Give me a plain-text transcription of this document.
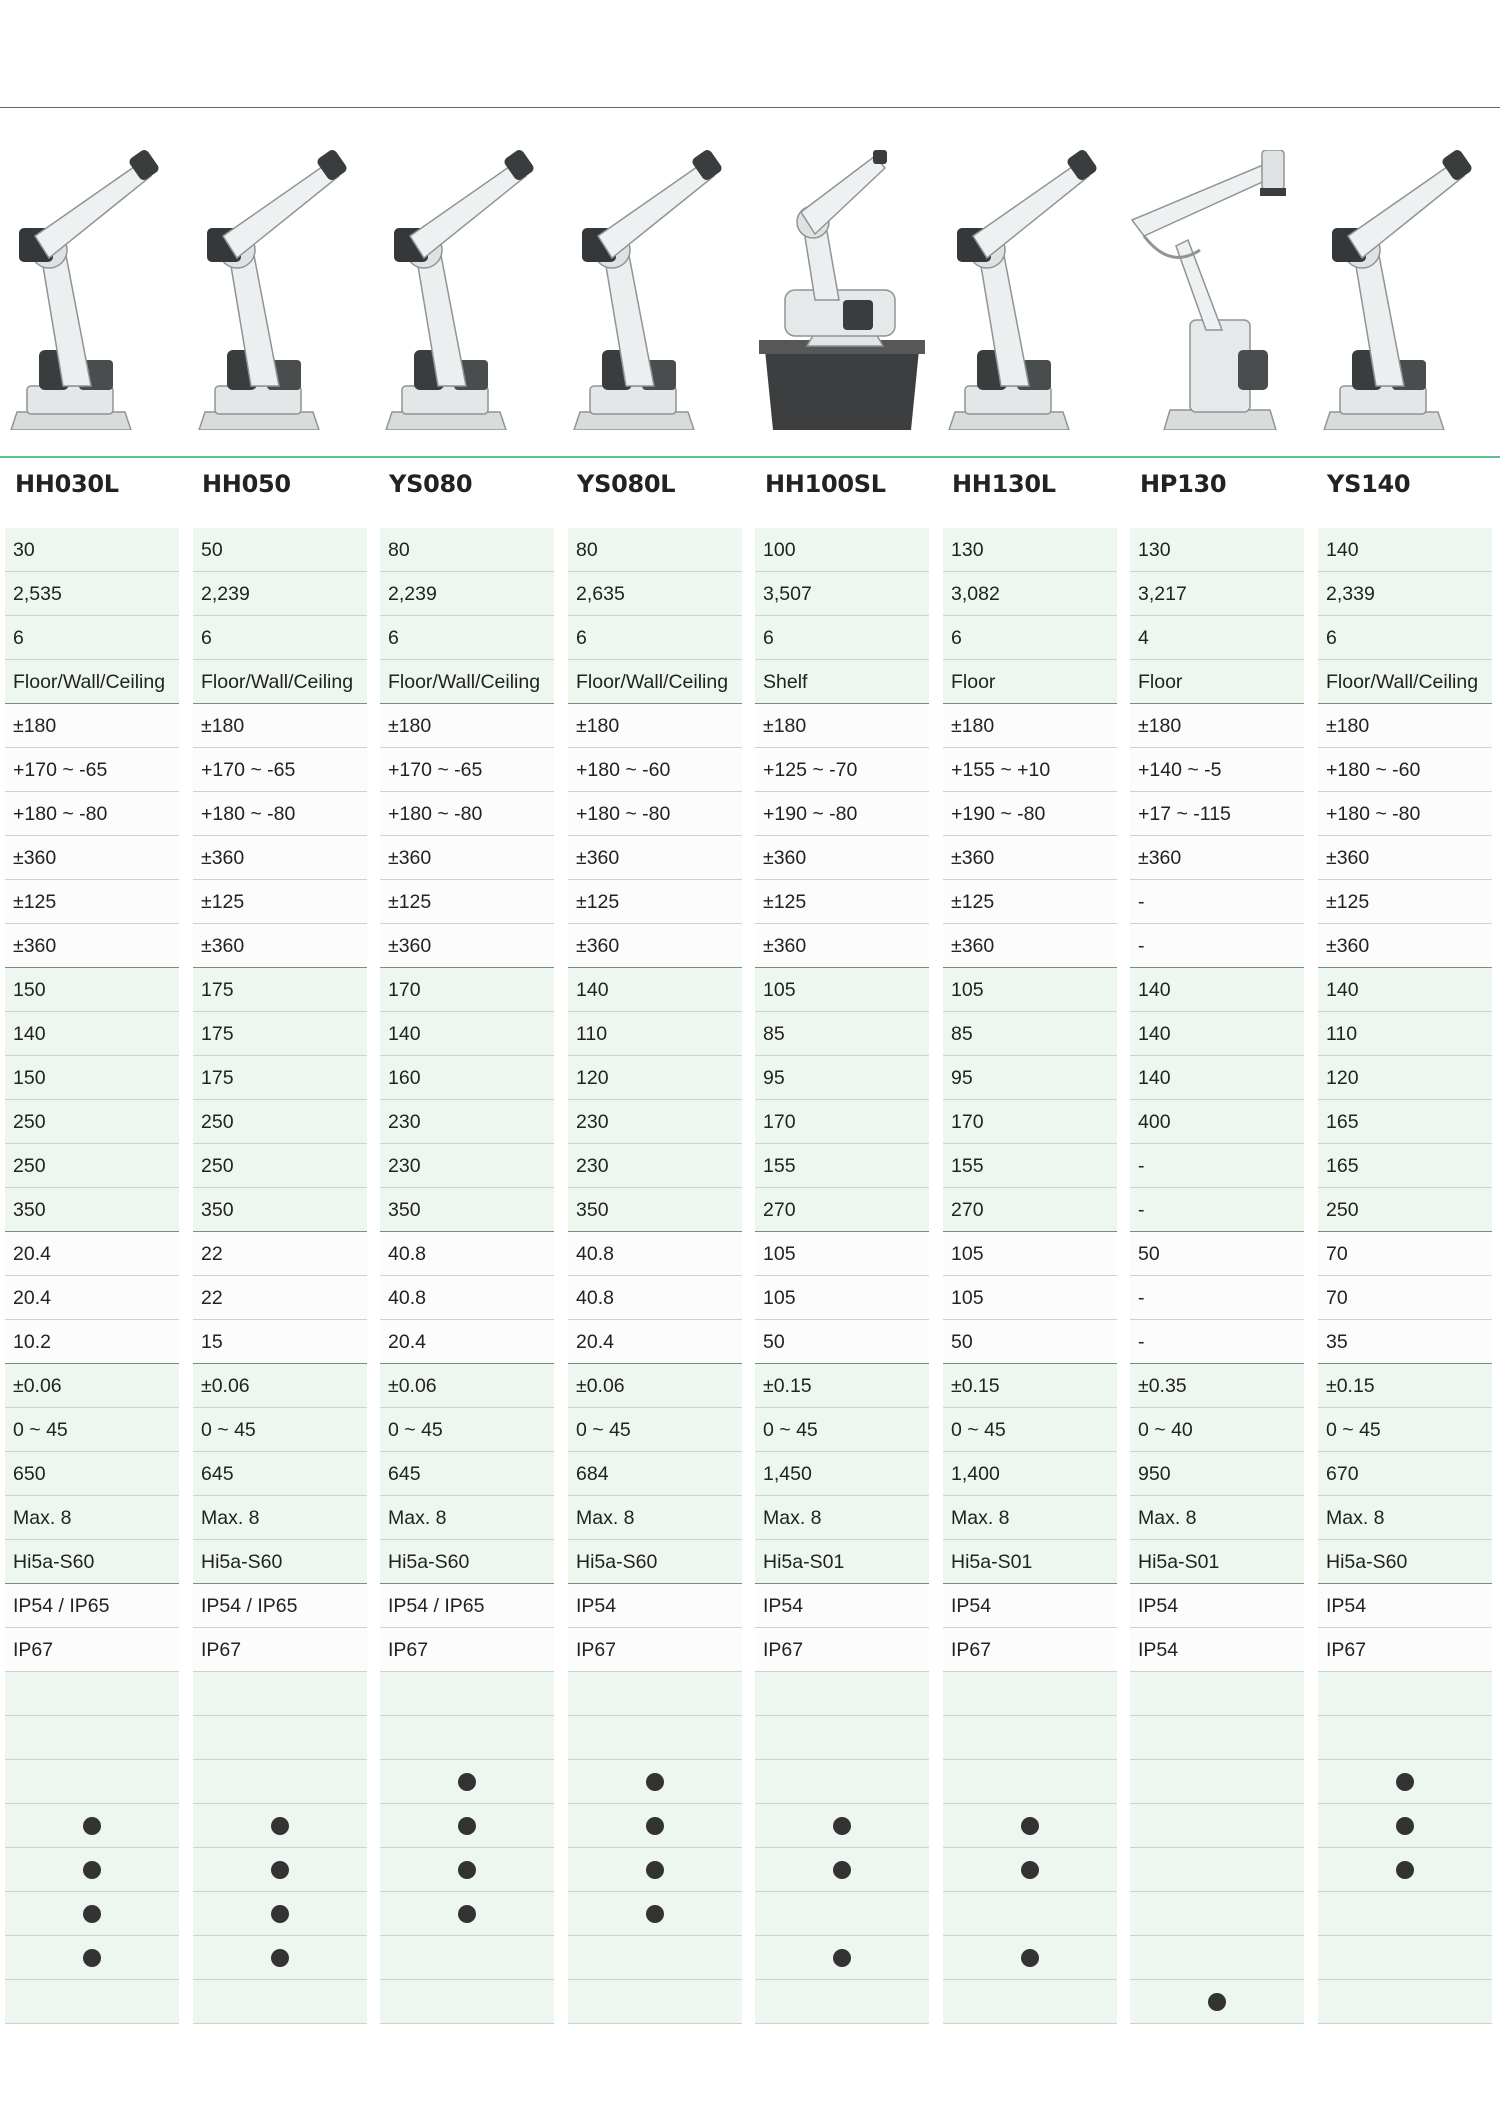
HH030L
30
2,535
6
Floor/Wall/Ceiling
±180
+170 ~ -65
+180 ~ -80
±360
±125
±360
150
140
150
250
250
350
20.4
20.4
10.2
±0.06
0 ~ 45
650
Max. 8
Hi5a-S60
IP54 / IP65
IP67
HH050
50
2,239
6
Floor/Wall/Ceiling
±180
+170 ~ -65
+180 ~ -80
±360
±125
±360
175
175
175
250
250
350
22
22
15
±0.06
0 ~ 45
645
Max. 8
Hi5a-S60
IP54 / IP65
IP67
YS080
80
2,239
6
Floor/Wall/Ceiling
±180
+170 ~ -65
+180 ~ -80
±360
±125
±360
170
140
160
230
230
350
40.8
40.8
20.4
±0.06
0 ~ 45
645
Max. 8
Hi5a-S60
IP54 / IP65
IP67
YS080L
80
2,635
6
Floor/Wall/Ceiling
±180
+180 ~ -60
+180 ~ -80
±360
±125
±360
140
110
120
230
230
350
40.8
40.8
20.4
±0.06
0 ~ 45
684
Max. 8
Hi5a-S60
IP54
IP67
HH100SL
100
3,507
6
Shelf
±180
+125 ~ -70
+190 ~ -80
±360
±125
±360
105
85
95
170
155
270
105
105
50
±0.15
0 ~ 45
1,450
Max. 8
Hi5a-S01
IP54
IP67
HH130L
130
3,082
6
Floor
±180
+155 ~ +10
+190 ~ -80
±360
±125
±360
105
85
95
170
155
270
105
105
50
±0.15
0 ~ 45
1,400
Max. 8
Hi5a-S01
IP54
IP67
HP130
130
3,217
4
Floor
±180
+140 ~ -5
+17 ~ -115
±360
-
-
140
140
140
400
-
-
50
-
-
±0.35
0 ~ 40
950
Max. 8
Hi5a-S01
IP54
IP54
YS140
140
2,339
6
Floor/Wall/Ceiling
±180
+180 ~ -60
+180 ~ -80
±360
±125
±360
140
110
120
165
165
250
70
70
35
±0.15
0 ~ 45
670
Max. 8
Hi5a-S60
IP54
IP67
